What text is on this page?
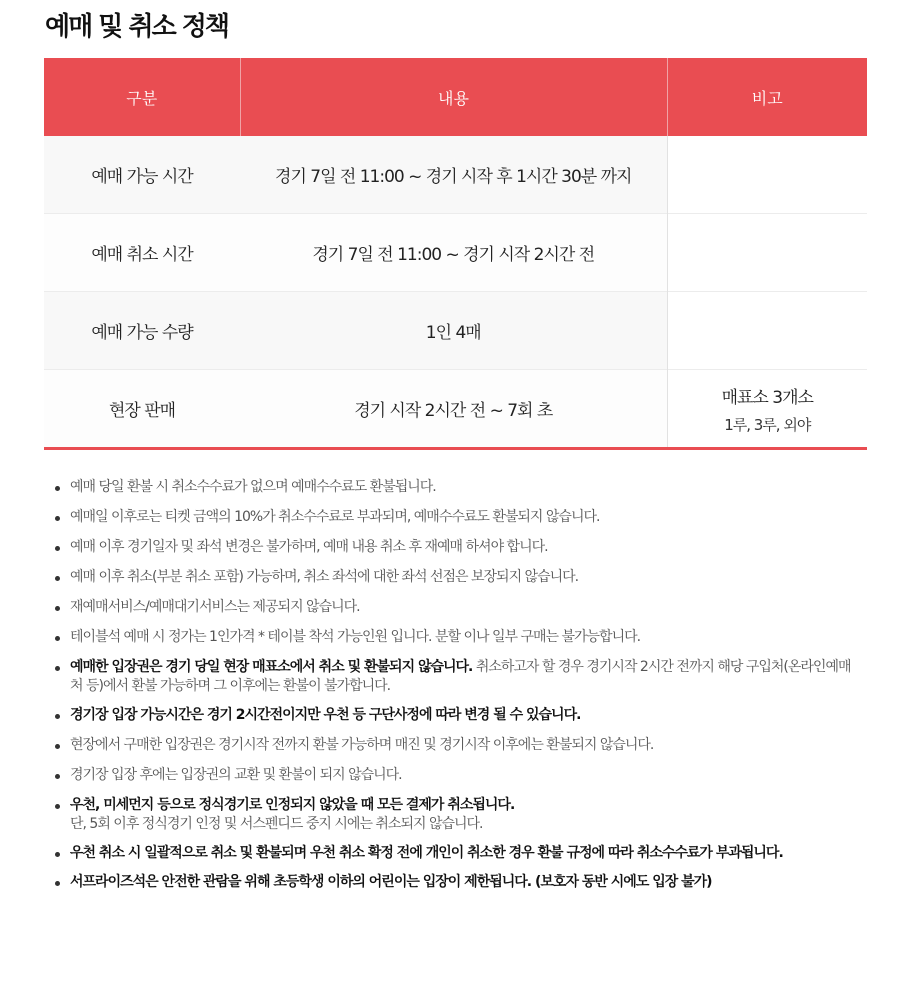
예매 및 취소 정책
구분	내용	비고
예매 가능 시간	경기 7일 전 11:00 ~ 경기 시작 후 1시간 30분 까지	
예매 취소 시간	경기 7일 전 11:00 ~ 경기 시작 2시간 전	
예매 가능 수량	1인 4매	
현장 판매	경기 시작 2시간 전 ~ 7회 초	매표소 3개소
1루, 3루, 외야
예매 당일 환불 시 취소수수료가 없으며 예매수수료도 환불됩니다.
예매일 이후로는 티켓 금액의 10%가 취소수수료로 부과되며, 예매수수료도 환불되지 않습니다.
예매 이후 경기일자 및 좌석 변경은 불가하며, 예매 내용 취소 후 재예매 하셔야 합니다.
예매 이후 취소(부분 취소 포함) 가능하며, 취소 좌석에 대한 좌석 선점은 보장되지 않습니다.
재예매서비스/예매대기서비스는 제공되지 않습니다.
테이블석 예매 시 정가는 1인가격 * 테이블 착석 가능인원 입니다. 분할 이나 일부 구매는 불가능합니다.
예매한 입장권은 경기 당일 현장 매표소에서 취소 및 환불되지 않습니다. 취소하고자 할 경우 경기시작 2시간 전까지 해당 구입처(온라인예매처 등)에서 환불 가능하며 그 이후에는 환불이 불가합니다.
경기장 입장 가능시간은 경기 2시간전이지만 우천 등 구단사정에 따라 변경 될 수 있습니다.
현장에서 구매한 입장권은 경기시작 전까지 환불 가능하며 매진 및 경기시작 이후에는 환불되지 않습니다.
경기장 입장 후에는 입장권의 교환 및 환불이 되지 않습니다.
우천, 미세먼지 등으로 정식경기로 인정되지 않았을 때 모든 결제가 취소됩니다.
단, 5회 이후 정식경기 인정 및 서스펜디드 중지 시에는 취소되지 않습니다.
우천 취소 시 일괄적으로 취소 및 환불되며 우천 취소 확정 전에 개인이 취소한 경우 환불 규정에 따라 취소수수료가 부과됩니다.
서프라이즈석은 안전한 관람을 위해 초등학생 이하의 어린이는 입장이 제한됩니다. (보호자 동반 시에도 입장 불가)
